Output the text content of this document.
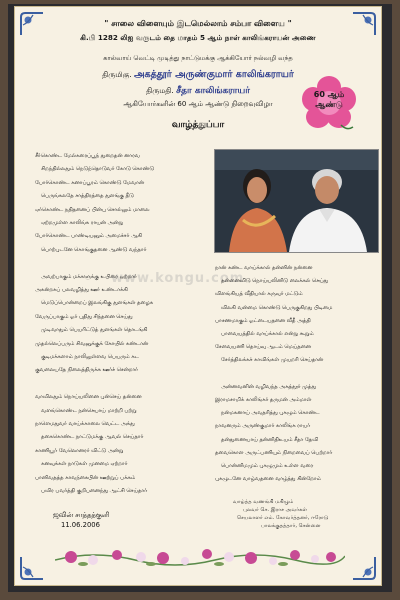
" சாலை விளையும் இடமெல்லாம் சம்பா விளைய "
கி.பி 1282 லிஐ வருடம் தை மாதம் 5 ஆம் நாள் காலிங்கராயன் அணை
கால்வாய் வெட்டி முடித்து நாட்டுமக்கு ஆக்கியோர் நல்வழி வந்த
திருமிகு. அகத்தூர் அருண்குமார் காலிங்கராயர்
திருமதி. சீதா காலிங்கராயர்
ஆகியோர்களின் 60 ஆம் ஆண்டு நிறைவுவிழா
வாழ்த்துப்பா
60 ஆம்
ஆண்டு
www.kongu.com
சீர்கொண்ட மேல்கரைப்பூந் துறைதன் னாரவ
சிறந்தில்லதும் நெடுந்தொடுவர் கோடு கொண்டு
போர்கொண்ட கனாப்பூரம் கொண்டு மேவான்
பெருங்கலதே சாத்திரத்தை துளங்கு தீடு
ஏர்கொண்ட நதிதனைப் பின்பு சொல்லும் மாலை
ஏற்றமுள்ள காலிங்க ராயன் அன்று
போர்கொண்ட பாண்டியனும் அமைச்சர் ஆகி
பொற்புடனே கொங்குதனை ஆண்டு வந்தார்
அவற்பாகும் மக்களுக்கு உபிரை ஒற்றார்
அகன்றகப் பலவழித்து ஊர் உண்டாக்கி
மெடுப்பொன்றைப் இலங்கிகு துளங்கள் தழைக
வேருப்பாகும் ஓர் புதிது சிந்தனை செய்து
முடிவாதும் பெயரிட்டுத் துளங்கள் தொடங்கி
முதல்லெப்பரும் சிவனுக்குக் கோயில் கண்டான்
குடிமக்களாம் நாலிலுள்ளவ பெயரும் கட
குவலையதே நிலைத்திருக்க ஊர்ச் சென்றார்
வாவிலதும் நொய்யலினை புன்செய் தன்னை
வளங்கொண்ட நன்செயாய் மாற்றி பற்று
நாளெமதுவர் வாய்க்காலை வெட்ட அக்து
தகைகொண்ட நாட்டுமக்கு ஆவல் செய்தார்
காணியூர் வேலொனரர் விட்டு அன்று
கனவுக்கள் நாடுகள் முனமை ஏற்றார்
பானிவதத்த காவந்கைபின் ஊற்றுப் பக்கம்
பவிர பவர்த்தி குறிபனைந்து ஆட்சி செய்தார்
நான் கண்ட வாய்க்கால் தன்னின் நன்னை
தன்னைவிடு நொய்யலினிடு லைக்கல் செய்து
விளங்கியத் வீதியால் கருவுர் மட்டும்
விலகி வன்மை கொண்டு பெருகுகிறது பிடிமை
பாசணமாகும் ஓட்டையதனை வீதீ அத்தி
பாவையத்தில் வாய்க்கால் என்று கூறும்
சேவையணி தொய்வு ஆடம் மெய்தனை
சேர்த்திலக்கச் காவிங்கள் முயறரி செய்தான்
அன்னவனின் வழிவந்த அகத்தூர் முத்து
இராமசாமிக் காலிங்கர் தருமன் அம்மாள்
நன்மகனாய் அவதரித்து புகழும் கொண்ட
நாவனரும் அருண்குமார் காலிங்க ராயர்
தன்துணையாய் தன்னிதிஉயம் சீதா தேவி
தவைகொள அருட்பணியும் நிறைவைப் பெற்றார்
பொன்னிமமும் புகழுமும் உள்ள வரை
புகழுடனே வாழ்வதனை வாழ்த்து கின்றோம்
ஜவின் சாத்தத்குளி
11.06.2006
வாழ்த்த வணங்கி மகிழும்
புலவர் செ. இராச அவர்கள்
செயலாளர் எம். கோவர்த்தனர், ஈரோடு
பாலக்குதத்தார், சென்னை
